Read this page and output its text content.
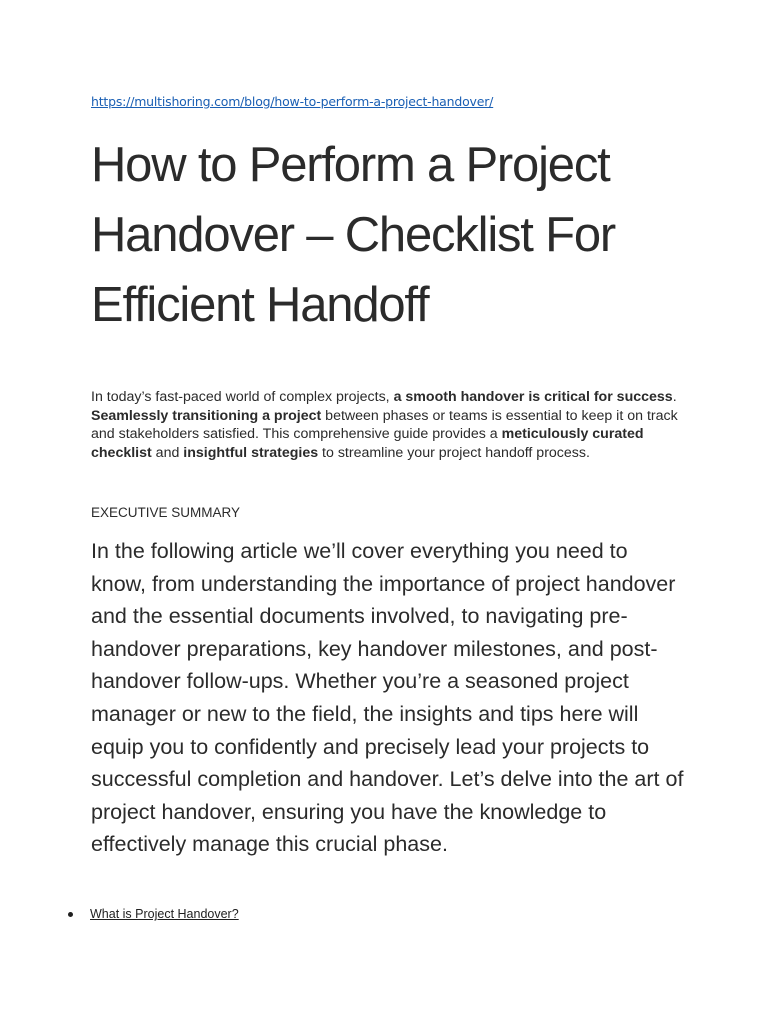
https://multishoring.com/blog/how-to-perform-a-project-handover/
How to Perform a Project Handover – Checklist For Efficient Handoff

In today’s fast-paced world of complex projects, a smooth handover is critical for success. Seamlessly transitioning a project between phases or teams is essential to keep it on track and stakeholders satisfied. This comprehensive guide provides a meticulously curated checklist and insightful strategies to streamline your project handoff process.

EXECUTIVE SUMMARY

In the following article we’ll cover everything you need to know, from understanding the importance of project handover and the essential documents involved, to navigating pre-handover preparations, key handover milestones, and post-handover follow-ups. Whether you’re a seasoned project manager or new to the field, the insights and tips here will equip you to confidently and precisely lead your projects to successful completion and handover. Let’s delve into the art of project handover, ensuring you have the knowledge to effectively manage this crucial phase.

What is Project Handover?
